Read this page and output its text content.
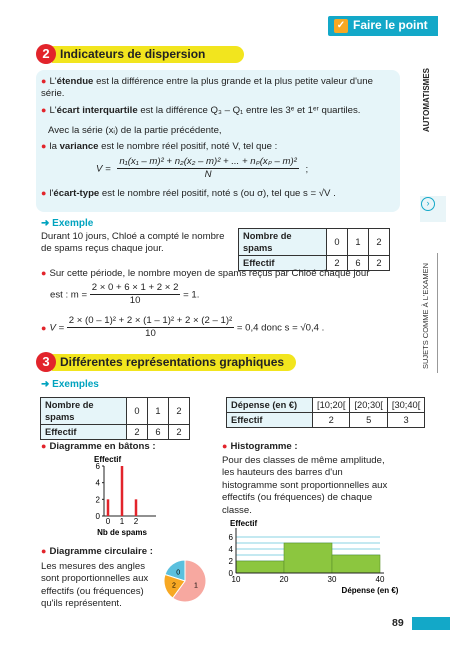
✓ Faire le point
Indicateurs de dispersion
2
● L'étendue est la différence entre la plus grande et la plus petite valeur d'une série.
● L'écart interquartile est la différence Q₃ – Q₁ entre les 3ᵉ et 1ᵉʳ quartiles.
Avec la série (xᵢ) de la partie précédente,
● la variance est le nombre réel positif, noté V, tel que :
$V = \frac{\text{n₁(x₁ – m)² + n₂(x₂ – m)² + ... + nₚ(xₚ – m)²}}{N}$ ;
● l'écart-type est le nombre réel positif, noté s (ou σ), tel que s = √V .
➜ Exemple
Durant 10 jours, Chloé a compté le nombre de spams reçus chaque jour.
Nombre de spams	0	1	2
Effectif	2	6	2
● Sur cette période, le nombre moyen de spams reçus par Chloé chaque jour
est : $m = \frac{2 \times 0 + 6 \times 1 + 2 \times 2}{10} = 1$.
● $V = \frac{\text{2 × (0 – 1)² + 2 × (1 – 1)² + 2 × (2 – 1)²}}{10} = 0,4$ donc s = √0,4 .
Différentes représentations graphiques
3
➜ Exemples
Nombre de spams	0	1	2
Effectif	2	6	2
Dépense (en €)	[10;20[	[20;30[	[30;40[
Effectif	2	5	3
● Diagramme en bâtons :
Effectif
0
2
4
6
0 1 2
Nb de spams
● Diagramme circulaire :
Les mesures des angles sont proportionnelles aux effectifs (ou fréquences) qu'ils représentent.
0
1
2
● Histogramme :
Pour des classes de même amplitude, les hauteurs des barres d'un histogramme sont proportionnelles aux effectifs (ou fréquences) de chaque classe.
Effectif
0
2
4
6
10	20	30	40
Dépense (en €)
›
AUTOMATISMES
SUJETS COMME À L'EXAMEN
89
